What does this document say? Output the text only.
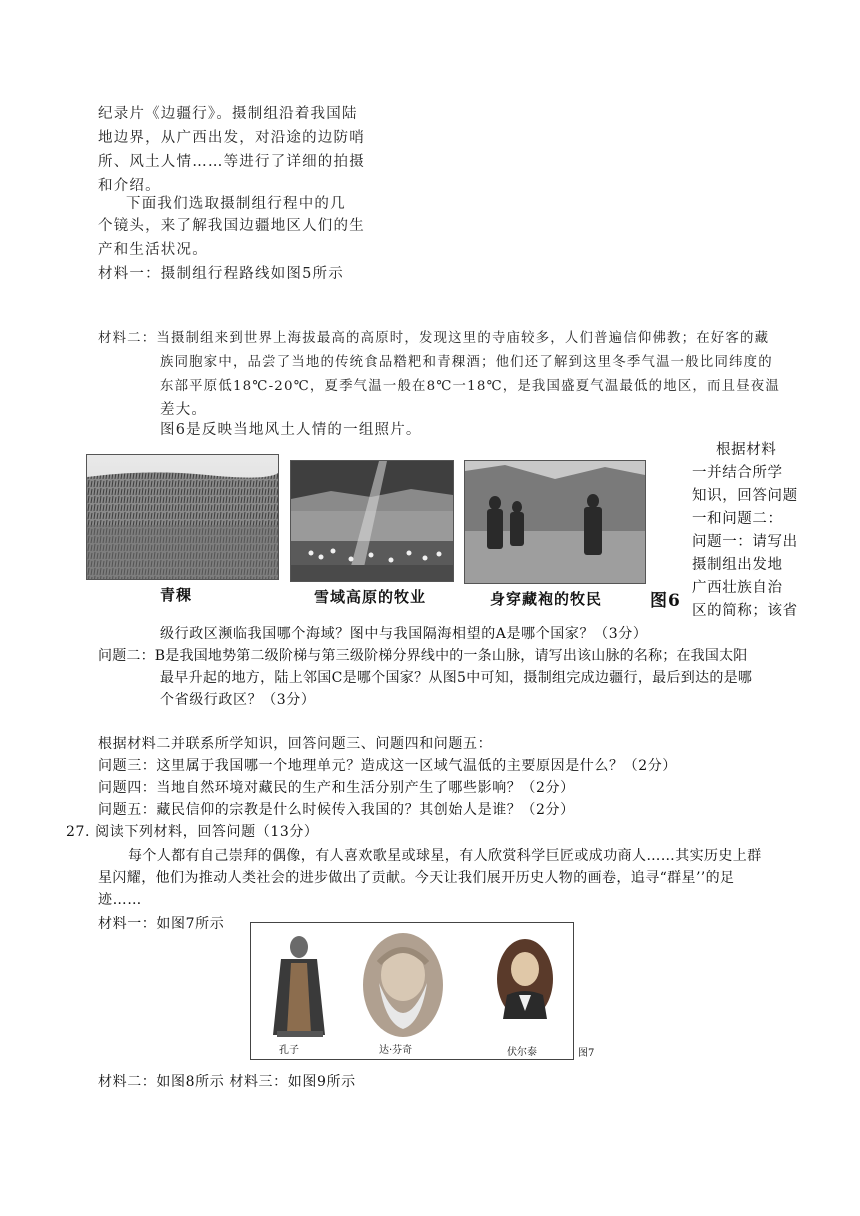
纪录片《边疆行》。摄制组沿着我国陆
地边界，从广西出发，对沿途的边防哨
所、风土人情……等进行了详细的拍摄
和介绍。
下面我们选取摄制组行程中的几
个镜头，来了解我国边疆地区人们的生
产和生活状况。
材料一：摄制组行程路线如图5所示
材料二：当摄制组来到世界上海拔最高的高原时，发现这里的寺庙较多，人们普遍信仰佛教；在好客的藏
族同胞家中，品尝了当地的传统食品糌粑和青稞酒；他们还了解到这里冬季气温一般比同纬度的
东部平原低18℃-20℃，夏季气温一般在8℃一18℃，是我国盛夏气温最低的地区，而且昼夜温
差大。
图6是反映当地风土人情的一组照片。
青稞	雪域高原的牧业	身穿藏袍的牧民	图6
根据材料
一并结合所学
知识，回答问题
一和问题二：
问题一：请写出
摄制组出发地
广西壮族自治
区的简称；该省
级行政区濒临我国哪个海域？图中与我国隔海相望的A是哪个国家？（3分）
问题二：B是我国地势第二级阶梯与第三级阶梯分界线中的一条山脉，请写出该山脉的名称；在我国太阳
最早升起的地方，陆上邻国C是哪个国家？从图5中可知，摄制组完成边疆行，最后到达的是哪
个省级行政区？（3分）
根据材料二并联系所学知识，回答问题三、问题四和问题五：
问题三：这里属于我国哪一个地理单元？造成这一区域气温低的主要原因是什么？（2分）
问题四：当地自然环境对藏民的生产和生活分别产生了哪些影响？（2分）
问题五：藏民信仰的宗教是什么时候传入我国的？其创始人是谁？（2分）
27. 阅读下列材料，回答问题（13分）
每个人都有自己崇拜的偶像，有人喜欢歌星或球星，有人欣赏科学巨匠或成功商人……其实历史上群
星闪耀，他们为推动人类社会的进步做出了贡献。今天让我们展开历史人物的画卷，追寻“群星’’的足
迹……
材料一：如图7所示
孔子	达·芬奇	伏尔泰	图7
材料二：如图8所示 材料三：如图9所示
